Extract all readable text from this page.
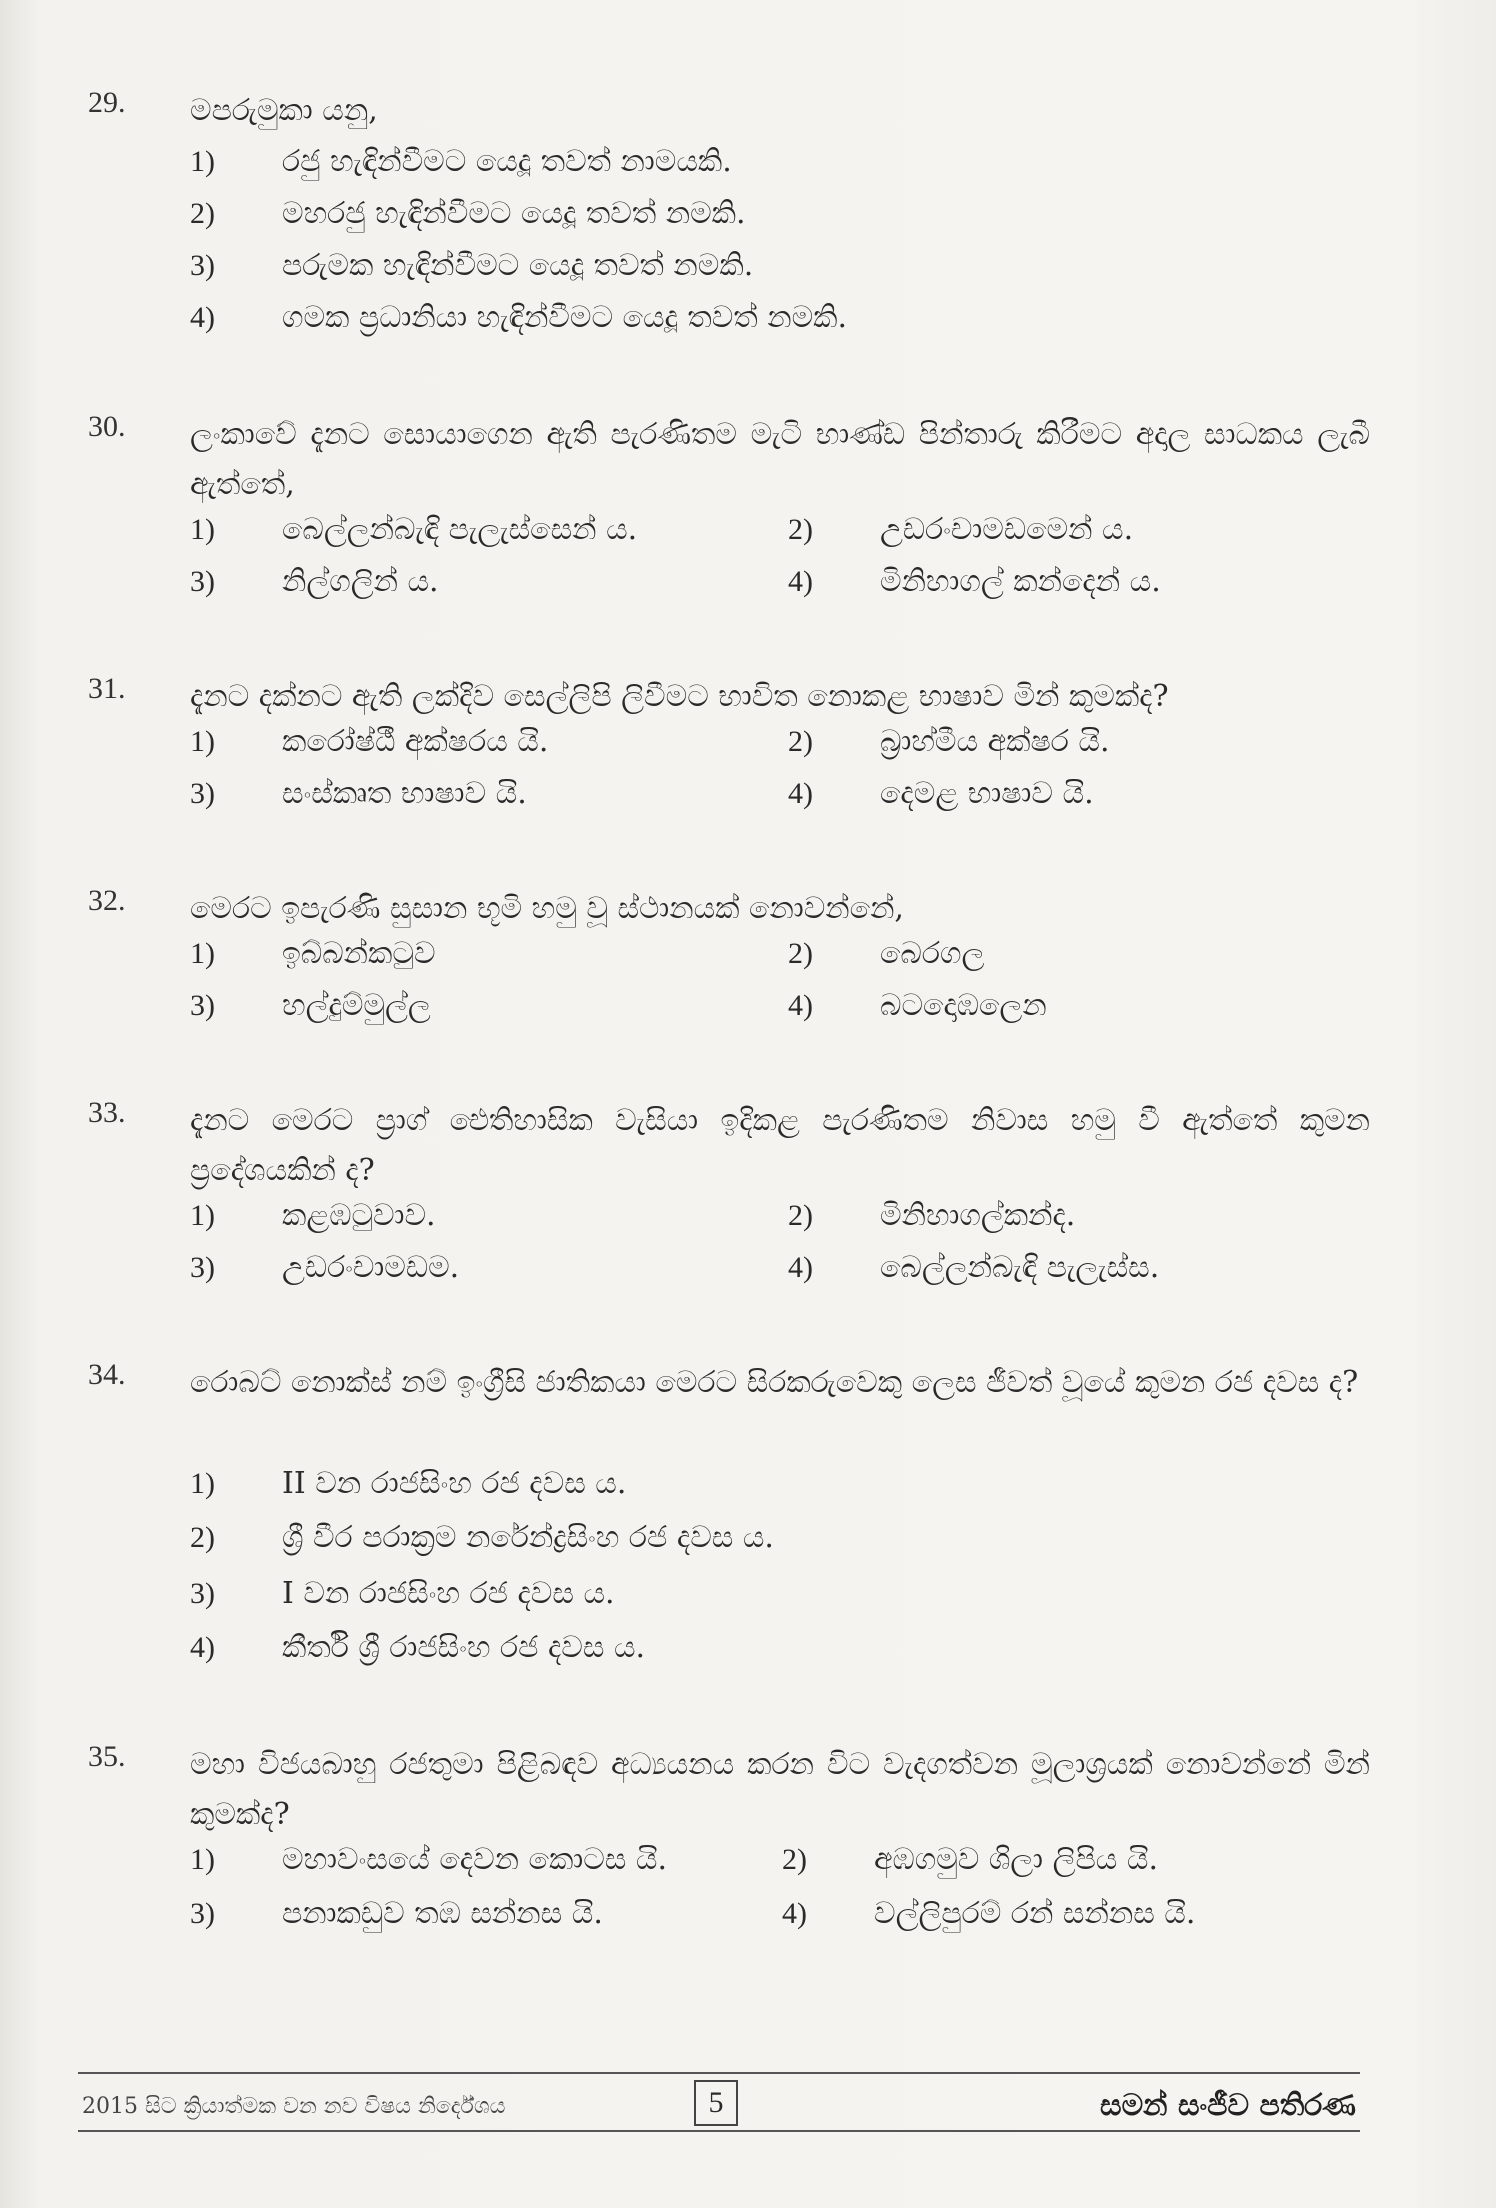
29. මපරුමුකා යනු,
1) රජු හැඳින්වීමට යෙදූ තවත් නාමයකි.
2) මහරජු හැඳින්වීමට යෙදූ තවත් නමකි.
3) පරුමක හැඳින්වීමට යෙදූ තවත් නමකි.
4) ගමක ප්‍රධානියා හැඳින්වීමට යෙදූ තවත් නමකි.
30. ලංකාවේ දැනට සොයාගෙන ඇති පැරණිතම මැටි භාණ්ඩ පින්තාරු කිරීමට අදාල සාධකය ලැබී ඇත්තේ,
1) බෙල්ලන්බැඳි පැලැස්සෙන් ය.	2) උඩරංචාමඩමෙන් ය.
3) නිල්ගලින් ය.	4) මිනිහාගල් කන්දෙන් ය.
31. දැනට දක්නට ඇති ලක්දිව සෙල්ලිපි ලිවීමට භාවිත නොකළ භාෂාව මින් කුමක්ද?
1) කරෝෂ්ඨී අක්ෂරය යි.	2) බ්‍රාහ්මීය අක්ෂර යි.
3) සංස්කෘත භාෂාව යි.	4) දෙමළ භාෂාව යි.
32. මෙරට ඉපැරණි සුසාන භූමි හමු වූ ස්ථානයක් නොවන්නේ,
1) ඉබ්බන්කටුව	2) බෙරගල
3) හල්දුම්මුල්ල	4) බටදොඹලෙන
33. දැනට මෙරට ප්‍රාග් ඓතිහාසික වැසියා ඉදිකළ පැරණිතම නිවාස හමු වී ඇත්තේ කුමන ප්‍රදේශයකින් ද?
1) කළඹටුවාව.	2) මිනිහාගල්කන්ද.
3) උඩරංචාමඩම.	4) බෙල්ලන්බැඳි පැලැස්ස.
34. රොබට් නොක්ස් නම් ඉංග්‍රීසි ජාතිකයා මෙරට සිරකරුවෙකු ලෙස ජීවත් වූයේ කුමන රජ දවස ද?
1) II වන රාජසිංහ රජ දවස ය.
2) ශ්‍රී වීර පරාක්‍රම නරේන්ද්‍රසිංහ රජ දවස ය.
3) I වන රාජසිංහ රජ දවස ය.
4) කීර්ති ශ්‍රී රාජසිංහ රජ දවස ය.
35. මහා විජයබාහු රජතුමා පිළිබඳව අධ්‍යයනය කරන විට වැදගත්වන මූලාශ්‍රයක් නොවන්නේ මින් කුමක්ද?
1) මහාවංසයේ දෙවන කොටස යි.	2) අඹගමුව ශිලා ලිපිය යි.
3) පනාකඩුව තඹ සන්නස යි.	4) වල්ලිපුරම් රන් සන්නස යි.
2015 සිට ක්‍රියාත්මක වන නව විෂය නිර්දේශය	5	සමන් සංජීව පතිරණ
